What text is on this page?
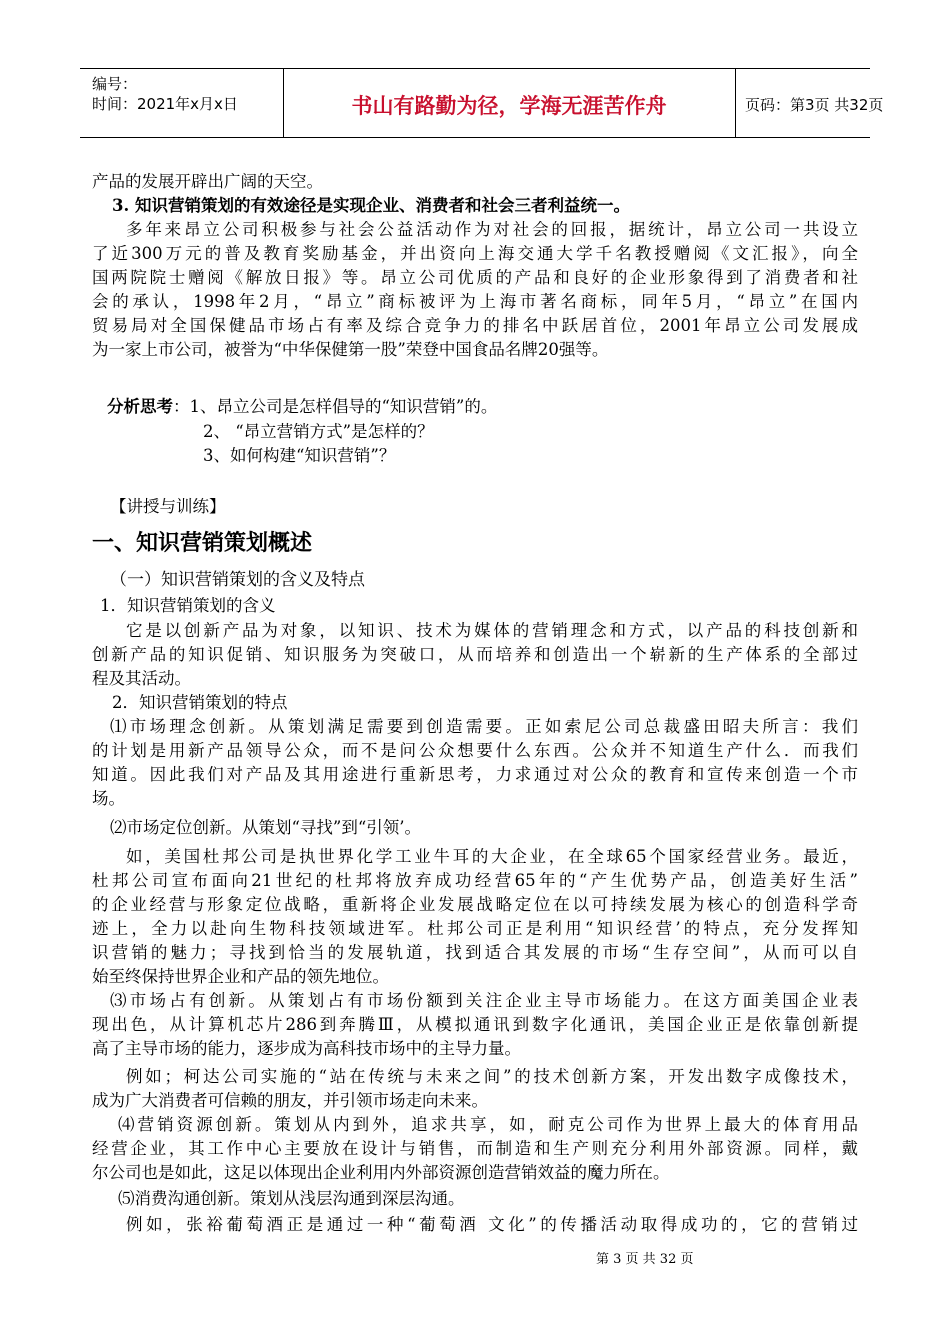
编号：
时间：2021年x月x日	书山有路勤为径，学海无涯苦作舟	页码：第3页 共32页
产品的发展开辟出广阔的天空。
3. 知识营销策划的有效途径是实现企业、消费者和社会三者利益统一。
多年来昂立公司积极参与社会公益活动作为对社会的回报，据统计，昂立公司一共设立
了近300万元的普及教育奖励基金，并出资向上海交通大学千名教授赠阅《文汇报》，向全
国两院院士赠阅《解放日报》等。昂立公司优质的产品和良好的企业形象得到了消费者和社
会的承认，1998年2月，“昂立”商标被评为上海市著名商标，同年5月，“昂立”在国内
贸易局对全国保健品市场占有率及综合竞争力的排名中跃居首位，2001年昂立公司发展成
为一家上市公司，被誉为“中华保健第一股”荣登中国食品名牌20强等。
分析思考：1、昂立公司是怎样倡导的“知识营销”的。
2、 “昂立营销方式”是怎样的？
3、如何构建“知识营销”？
【讲授与训练】
一、知识营销策划概述
（一）知识营销策划的含义及特点
1．知识营销策划的含义
它是以创新产品为对象，以知识、技术为媒体的营销理念和方式，以产品的科技创新和
创新产品的知识促销、知识服务为突破口，从而培养和创造出一个崭新的生产体系的全部过
程及其活动。
2．知识营销策划的特点
⑴市场理念创新。从策划满足需要到创造需要。正如索尼公司总裁盛田昭夫所言：我们
的计划是用新产品领导公众，而不是问公众想要什么东西。公众并不知道生产什么．而我们
知道。因此我们对产品及其用途进行重新思考，力求通过对公众的教育和宣传来创造一个市
场。
⑵市场定位创新。从策划“寻找”到“引领’。
如，美国杜邦公司是执世界化学工业牛耳的大企业，在全球65个国家经营业务。最近，
杜邦公司宣布面向21世纪的杜邦将放弃成功经营65年的“产生优势产品，创造美好生活”
的企业经营与形象定位战略，重新将企业发展战略定位在以可持续发展为核心的创造科学奇
迹上，全力以赴向生物科技领域进军。杜邦公司正是利用“知识经营’的特点，充分发挥知
识营销的魅力；寻找到恰当的发展轨道，找到适合其发展的市场“生存空间”，从而可以自
始至终保持世界企业和产品的领先地位。
⑶市场占有创新。从策划占有市场份额到关注企业主导市场能力。在这方面美国企业表
现出色，从计算机芯片286到奔腾Ⅲ，从模拟通讯到数字化通讯，美国企业正是依靠创新提
高了主导市场的能力，逐步成为高科技市场中的主导力量。
例如；柯达公司实施的“站在传统与未来之间”的技术创新方案，开发出数字成像技术，
成为广大消费者可信赖的朋友，并引领市场走向未来。
⑷营销资源创新。策划从内到外，追求共享，如，耐克公司作为世界上最大的体育用品
经营企业，其工作中心主要放在设计与销售，而制造和生产则充分利用外部资源。同样，戴
尔公司也是如此，这足以体现出企业利用内外部资源创造营销效益的魔力所在。
⑸消费沟通创新。策划从浅层沟通到深层沟通。
例如，张裕葡萄酒正是通过一种“葡萄酒 文化”的传播活动取得成功的，它的营销过
第 3 页 共 32 页
